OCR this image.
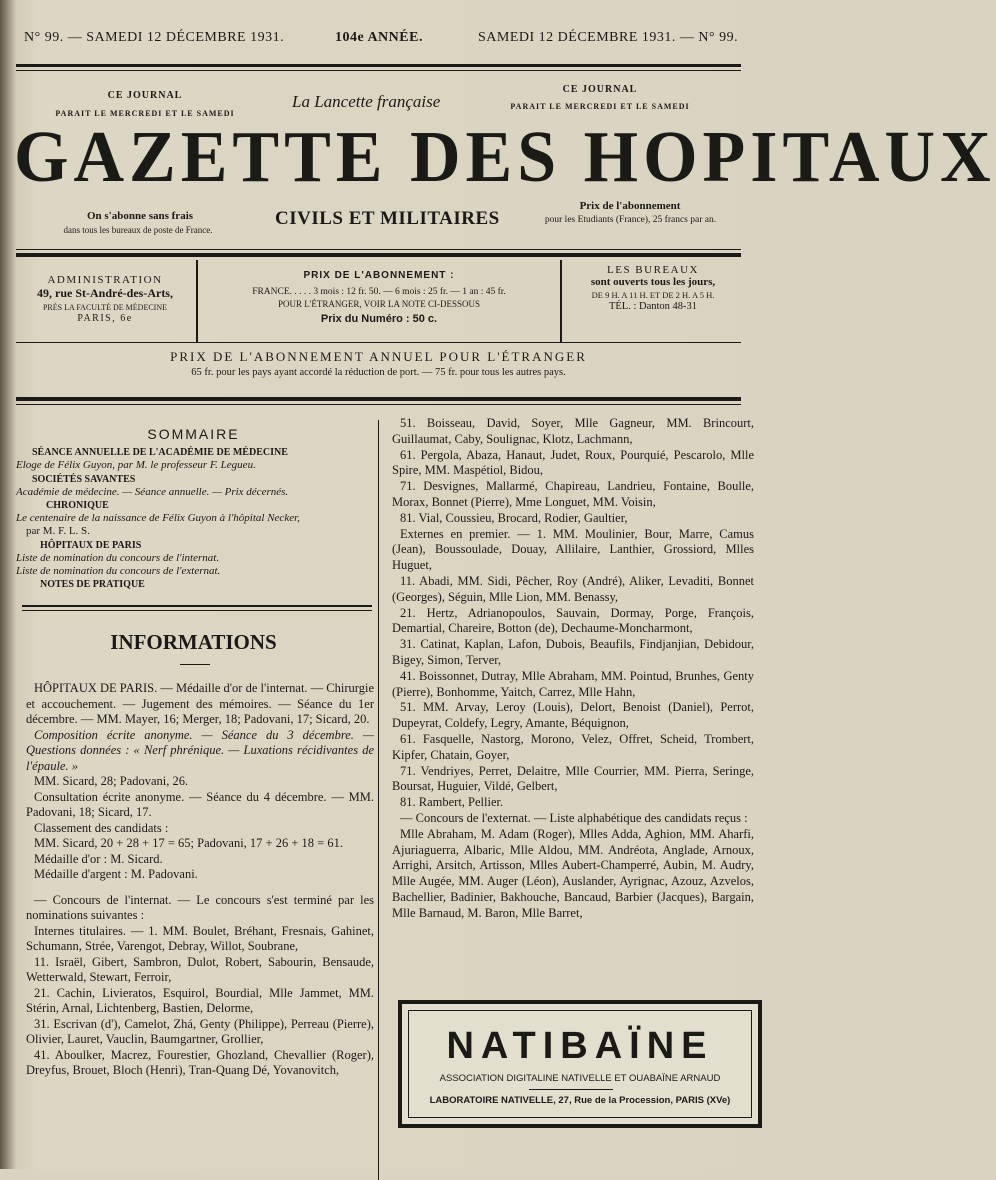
N° 99. — SAMEDI 12 DÉCEMBRE 1931.	104e ANNÉE.	SAMEDI 12 DÉCEMBRE 1931. — N° 99.
CE JOURNAL
PARAIT LE MERCREDI ET LE SAMEDI
La Lancette française
CE JOURNAL
PARAIT LE MERCREDI ET LE SAMEDI
GAZETTE DES HOPITAUX
On s'abonne sans frais
dans tous les bureaux de poste de France.
CIVILS ET MILITAIRES
Prix de l'abonnement
pour les Etudiants (France), 25 francs par an.
ADMINISTRATION
49, rue St-André-des-Arts,
PRÈS LA FACULTÉ DE MÉDECINE
PARIS, 6e
PRIX DE L'ABONNEMENT :
FRANCE. . . . . 3 mois : 12 fr. 50. — 6 mois : 25 fr. — 1 an : 45 fr.
POUR L'ÉTRANGER, VOIR LA NOTE CI-DESSOUS
Prix du Numéro : 50 c.
LES BUREAUX
sont ouverts tous les jours,
DE 9 H. A 11 H. ET DE 2 H. A 5 H.
TÉL. : Danton 48-31
PRIX DE L'ABONNEMENT ANNUEL POUR L'ÉTRANGER
65 fr. pour les pays ayant accordé la réduction de port. — 75 fr. pour tous les autres pays.
SOMMAIRE
SÉANCE ANNUELLE DE L'ACADÉMIE DE MÉDECINE
Eloge de Félix Guyon, par M. le professeur F. Legueu.
SOCIÉTÉS SAVANTES
Académie de médecine. — Séance annuelle. — Prix décernés.
CHRONIQUE
Le centenaire de la naissance de Félix Guyon à l'hôpital Necker,
par M. F. L. S.
HÔPITAUX DE PARIS
Liste de nomination du concours de l'internat.
Liste de nomination du concours de l'externat.
NOTES DE PRATIQUE
INFORMATIONS

HÔPITAUX DE PARIS. — Médaille d'or de l'internat. — Chirurgie et accouchement. — Jugement des mémoires. — Séance du 1er décembre. — MM. Mayer, 16; Merger, 18; Padovani, 17; Sicard, 20.

Composition écrite anonyme. — Séance du 3 décembre. — Questions données : « Nerf phrénique. — Luxations récidivantes de l'épaule. »

MM. Sicard, 28; Padovani, 26.

Consultation écrite anonyme. — Séance du 4 décembre. — MM. Padovani, 18; Sicard, 17.

Classement des candidats :

MM. Sicard, 20 + 28 + 17 = 65; Padovani, 17 + 26 + 18 = 61.

Médaille d'or : M. Sicard.

Médaille d'argent : M. Padovani.

— Concours de l'internat. — Le concours s'est terminé par les nominations suivantes :

Internes titulaires. — 1. MM. Boulet, Bréhant, Fresnais, Gahinet, Schumann, Strée, Varengot, Debray, Willot, Soubrane,

11. Israël, Gibert, Sambron, Dulot, Robert, Sabourin, Bensaude, Wetterwald, Stewart, Ferroir,

21. Cachin, Livieratos, Esquirol, Bourdial, Mlle Jammet, MM. Stérin, Arnal, Lichtenberg, Bastien, Delorme,

31. Escrivan (d'), Camelot, Zhá, Genty (Philippe), Perreau (Pierre), Olivier, Lauret, Vauclin, Baumgartner, Grollier,

41. Aboulker, Macrez, Fourestier, Ghozland, Chevallier (Roger), Dreyfus, Brouet, Bloch (Henri), Tran-Quang Dé, Yovanovitch,

51. Boisseau, David, Soyer, Mlle Gagneur, MM. Brincourt, Guillaumat, Caby, Soulignac, Klotz, Lachmann,

61. Pergola, Abaza, Hanaut, Judet, Roux, Pourquié, Pescarolo, Mlle Spire, MM. Maspétiol, Bidou,

71. Desvignes, Mallarmé, Chapireau, Landrieu, Fontaine, Boulle, Morax, Bonnet (Pierre), Mme Longuet, MM. Voisin,

81. Vial, Coussieu, Brocard, Rodier, Gaultier,

Externes en premier. — 1. MM. Moulinier, Bour, Marre, Camus (Jean), Boussoulade, Douay, Allilaire, Lanthier, Grossiord, Mlles Huguet,

11. Abadi, MM. Sidi, Pêcher, Roy (André), Aliker, Levaditi, Bonnet (Georges), Séguin, Mlle Lion, MM. Benassy,

21. Hertz, Adrianopoulos, Sauvain, Dormay, Porge, François, Demartial, Chareire, Botton (de), Dechaume-Moncharmont,

31. Catinat, Kaplan, Lafon, Dubois, Beaufils, Findjanjian, Debidour, Bigey, Simon, Terver,

41. Boissonnet, Dutray, Mlle Abraham, MM. Pointud, Brunhes, Genty (Pierre), Bonhomme, Yaitch, Carrez, Mlle Hahn,

51. MM. Arvay, Leroy (Louis), Delort, Benoist (Daniel), Perrot, Dupeyrat, Coldefy, Legry, Amante, Béquignon,

61. Fasquelle, Nastorg, Morono, Velez, Offret, Scheid, Trombert, Kipfer, Chatain, Goyer,

71. Vendriyes, Perret, Delaitre, Mlle Courrier, MM. Pierra, Seringe, Boursat, Huguier, Vildé, Gelbert,

81. Rambert, Pellier.

— Concours de l'externat. — Liste alphabétique des candidats reçus :

Mlle Abraham, M. Adam (Roger), Mlles Adda, Aghion, MM. Aharfi, Ajuriaguerra, Albaric, Mlle Aldou, MM. Andréota, Anglade, Arnoux, Arrighi, Arsitch, Artisson, Mlles Aubert-Champerré, Aubin, M. Audry, Mlle Augée, MM. Auger (Léon), Auslander, Ayrignac, Azouz, Azvelos, Bachellier, Badinier, Bakhouche, Bancaud, Barbier (Jacques), Bargain, Mlle Barnaud, M. Baron, Mlle Barret,

NATIBAÏNE
ASSOCIATION DIGITALINE NATIVELLE ET OUABAÏNE ARNAUD
LABORATOIRE NATIVELLE, 27, Rue de la Procession, PARIS (XVe)
